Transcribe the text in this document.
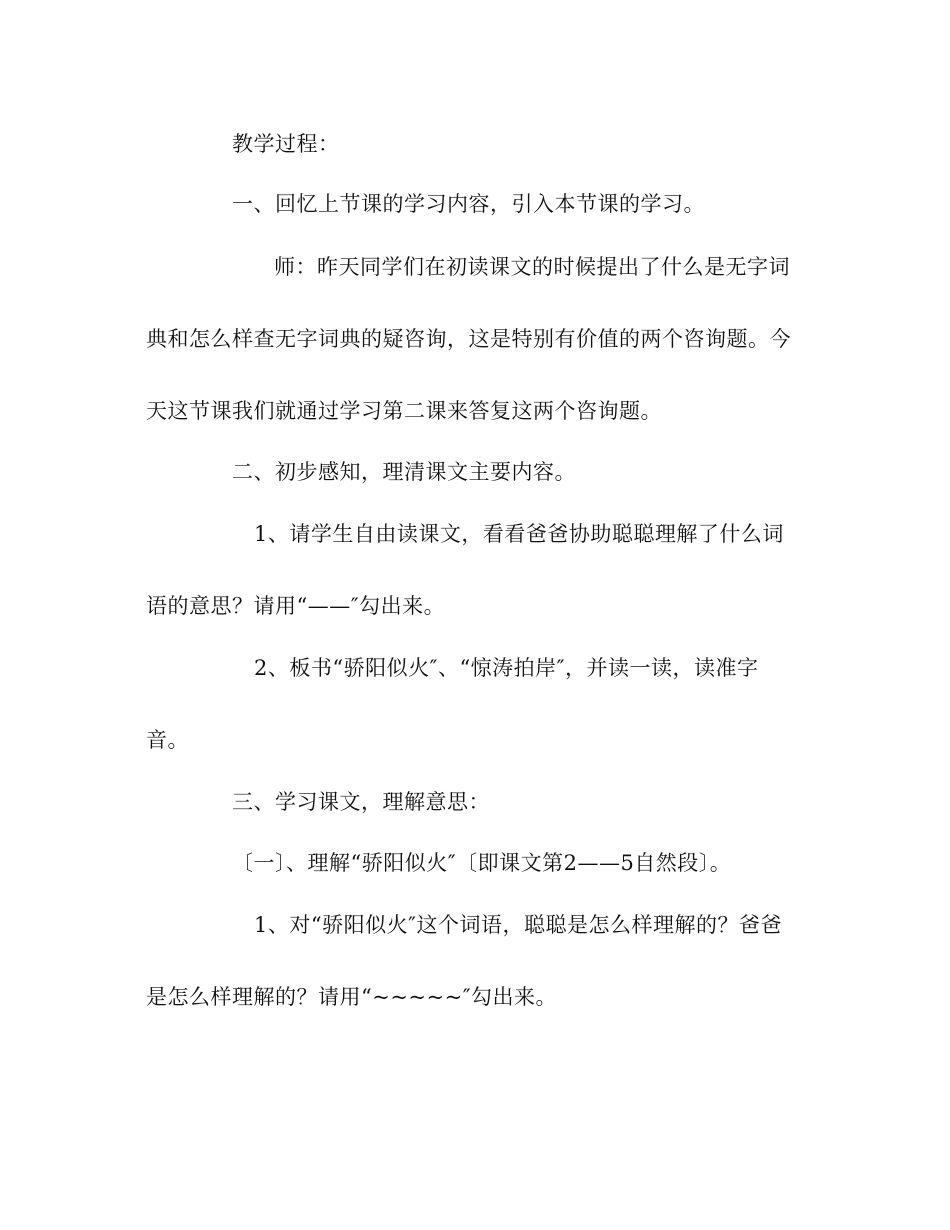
教学过程：
一、回忆上节课的学习内容，引入本节课的学习。
师：昨天同学们在初读课文的时候提出了什么是无字词
典和怎么样查无字词典的疑咨询，这是特别有价值的两个咨询题。今
天这节课我们就通过学习第二课来答复这两个咨询题。
二、初步感知，理清课文主要内容。
1、请学生自由读课文，看看爸爸协助聪聪理解了什么词
语的意思？请用“——″勾出来。
2、板书“骄阳似火″、“惊涛拍岸″，并读一读，读准字
音。
三、学习课文，理解意思：
〔一〕、理解“骄阳似火″〔即课文第2——5自然段〕。
1、对“骄阳似火″这个词语，聪聪是怎么样理解的？爸爸
是怎么样理解的？请用“~~~~~″勾出来。
